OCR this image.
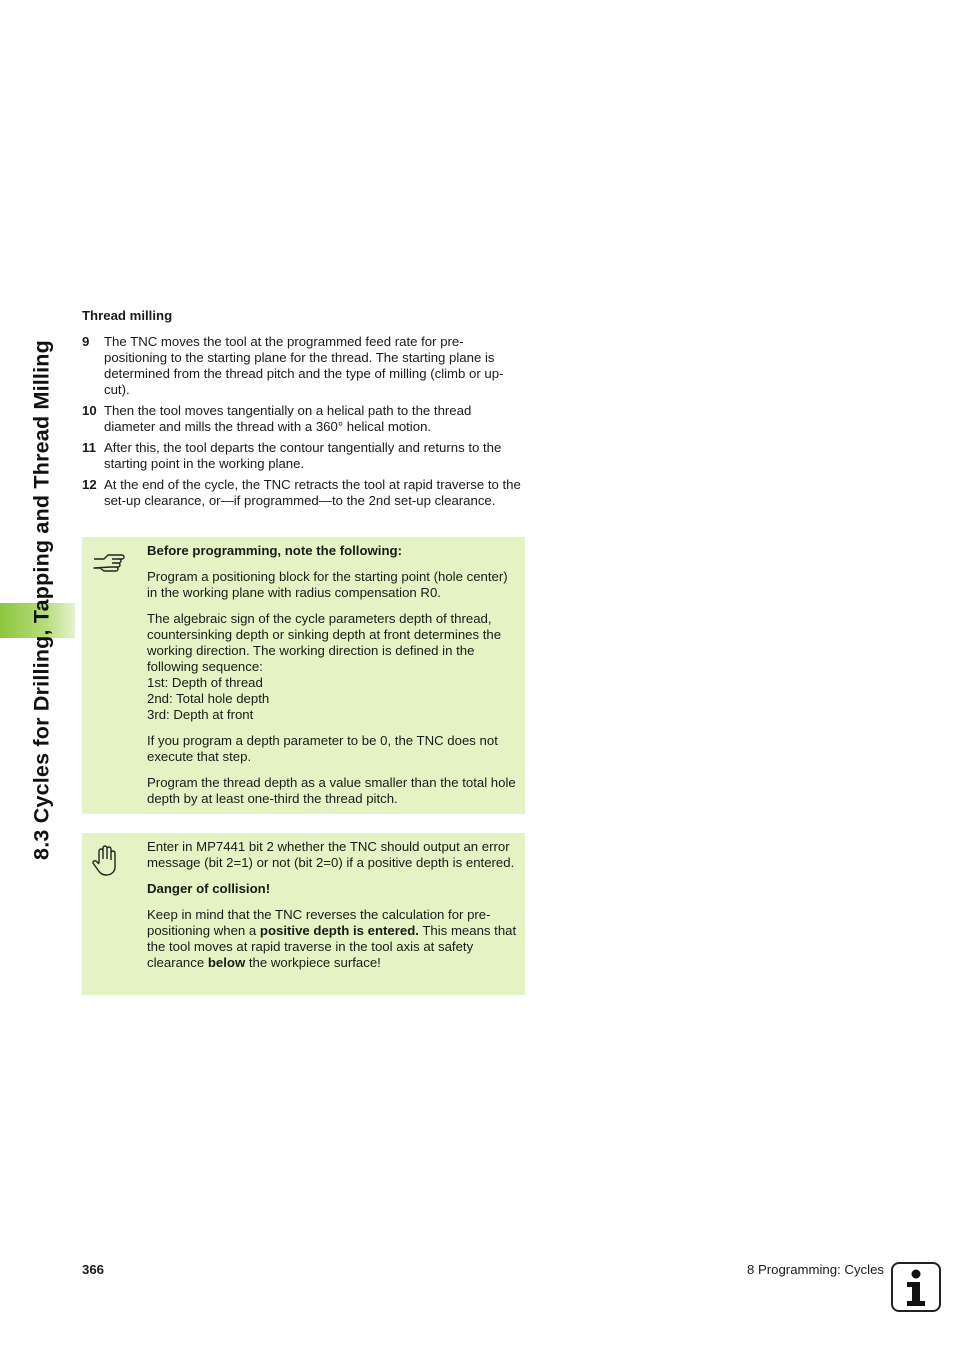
8.3 Cycles for Drilling, Tapping and Thread Milling
Thread milling
9 The TNC moves the tool at the programmed feed rate for pre-positioning to the starting plane for the thread. The starting plane is determined from the thread pitch and the type of milling (climb or up-cut).
10 Then the tool moves tangentially on a helical path to the thread diameter and mills the thread with a 360° helical motion.
11 After this, the tool departs the contour tangentially and returns to the starting point in the working plane.
12 At the end of the cycle, the TNC retracts the tool at rapid traverse to the set-up clearance, or—if programmed—to the 2nd set-up clearance.

Before programming, note the following:

Program a positioning block for the starting point (hole center) in the working plane with radius compensation R0.

The algebraic sign of the cycle parameters depth of thread, countersinking depth or sinking depth at front determines the working direction. The working direction is defined in the following sequence:
1st: Depth of thread
2nd: Total hole depth
3rd: Depth at front

If you program a depth parameter to be 0, the TNC does not execute that step.

Program the thread depth as a value smaller than the total hole depth by at least one-third the thread pitch.

Enter in MP7441 bit 2 whether the TNC should output an error message (bit 2=1) or not (bit 2=0) if a positive depth is entered.

Danger of collision!

Keep in mind that the TNC reverses the calculation for pre-positioning when a positive depth is entered. This means that the tool moves at rapid traverse in the tool axis at safety clearance below the workpiece surface!

366	8 Programming: Cycles
